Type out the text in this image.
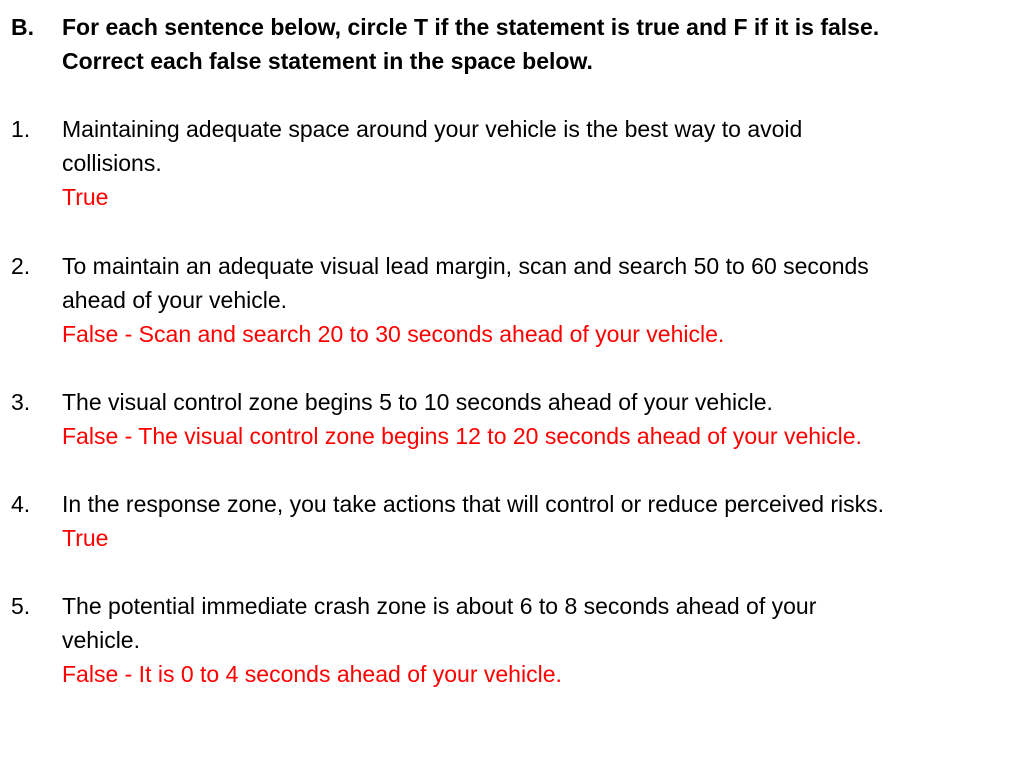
B. For each sentence below, circle T if the statement is true and F if it is false.
Correct each false statement in the space below.
1. Maintaining adequate space around your vehicle is the best way to avoid
collisions.
True
2. To maintain an adequate visual lead margin, scan and search 50 to 60 seconds
ahead of your vehicle.
False - Scan and search 20 to 30 seconds ahead of your vehicle.
3. The visual control zone begins 5 to 10 seconds ahead of your vehicle.
False - The visual control zone begins 12 to 20 seconds ahead of your vehicle.
4. In the response zone, you take actions that will control or reduce perceived risks.
True
5. The potential immediate crash zone is about 6 to 8 seconds ahead of your
vehicle.
False - It is 0 to 4 seconds ahead of your vehicle.
